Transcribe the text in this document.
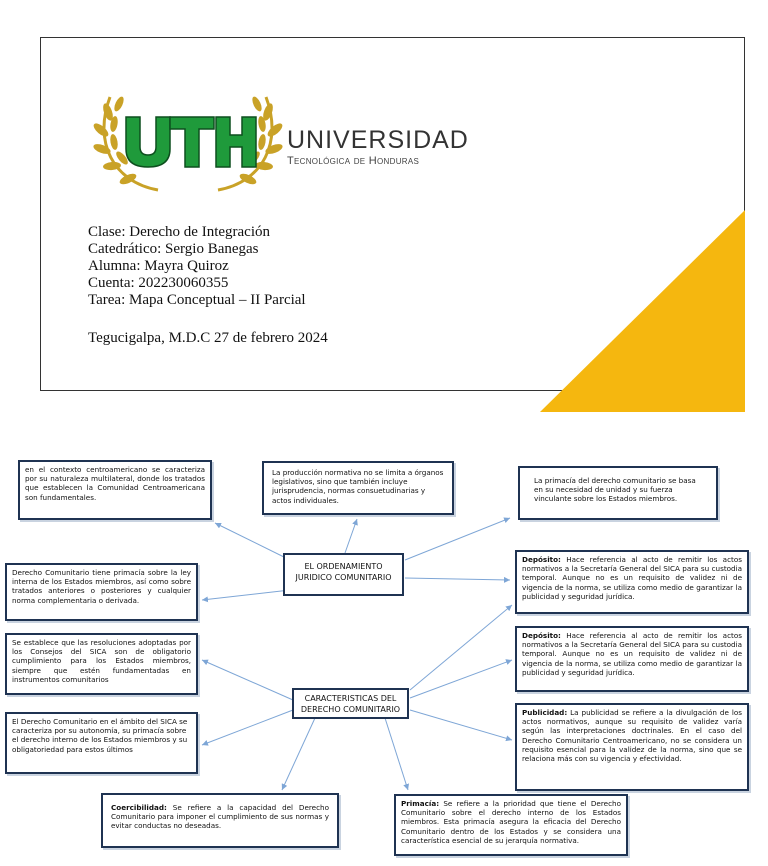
UNIVERSIDAD
Tecnológica de Honduras
Clase: Derecho de Integración
Catedrático: Sergio Banegas
Alumna: Mayra Quiroz
Cuenta: 202230060355
Tarea: Mapa Conceptual – II Parcial
Tegucigalpa, M.D.C 27 de febrero 2024
en el contexto centroamericano se caracteriza por su naturaleza multilateral, donde los tratados que establecen la Comunidad Centroamericana son fundamentales.
La producción normativa no se limita a órganos legislativos, sino que también incluye jurisprudencia, normas consuetudinarias y actos individuales.
La primacía del derecho comunitario se basa en su necesidad de unidad y su fuerza vinculante sobre los Estados miembros.
EL ORDENAMIENTO JURIDICO COMUNITARIO
Derecho Comunitario tiene primacía sobre la ley interna de los Estados miembros, así como sobre tratados anteriores o posteriores y cualquier norma complementaria o derivada.
Se establece que las resoluciones adoptadas por los Consejos del SICA son de obligatorio cumplimiento para los Estados miembros, siempre que estén fundamentadas en instrumentos comunitarios
El Derecho Comunitario en el ámbito del SICA se caracteriza por su autonomía, su primacía sobre el derecho interno de los Estados miembros y su obligatoriedad para estos últimos
Depósito: Hace referencia al acto de remitir los actos normativos a la Secretaría General del SICA para su custodia temporal. Aunque no es un requisito de validez ni de vigencia de la norma, se utiliza como medio de garantizar la publicidad y seguridad jurídica.
Depósito: Hace referencia al acto de remitir los actos normativos a la Secretaría General del SICA para su custodia temporal. Aunque no es un requisito de validez ni de vigencia de la norma, se utiliza como medio de garantizar la publicidad y seguridad jurídica.
CARACTERISTICAS DEL DERECHO COMUNITARIO	Publicidad: La publicidad se refiere a la divulgación de los actos normativos, aunque su requisito de validez varía según las interpretaciones doctrinales. En el caso del Derecho Comunitario Centroamericano, no se considera un requisito esencial para la validez de la norma, sino que se relaciona más con su vigencia y efectividad.
Coercibilidad: Se refiere a la capacidad del Derecho Comunitario para imponer el cumplimiento de sus normas y evitar conductas no deseadas.
Primacía: Se refiere a la prioridad que tiene el Derecho Comunitario sobre el derecho interno de los Estados miembros. Esta primacía asegura la eficacia del Derecho Comunitario dentro de los Estados y se considera una característica esencial de su jerarquía normativa.
